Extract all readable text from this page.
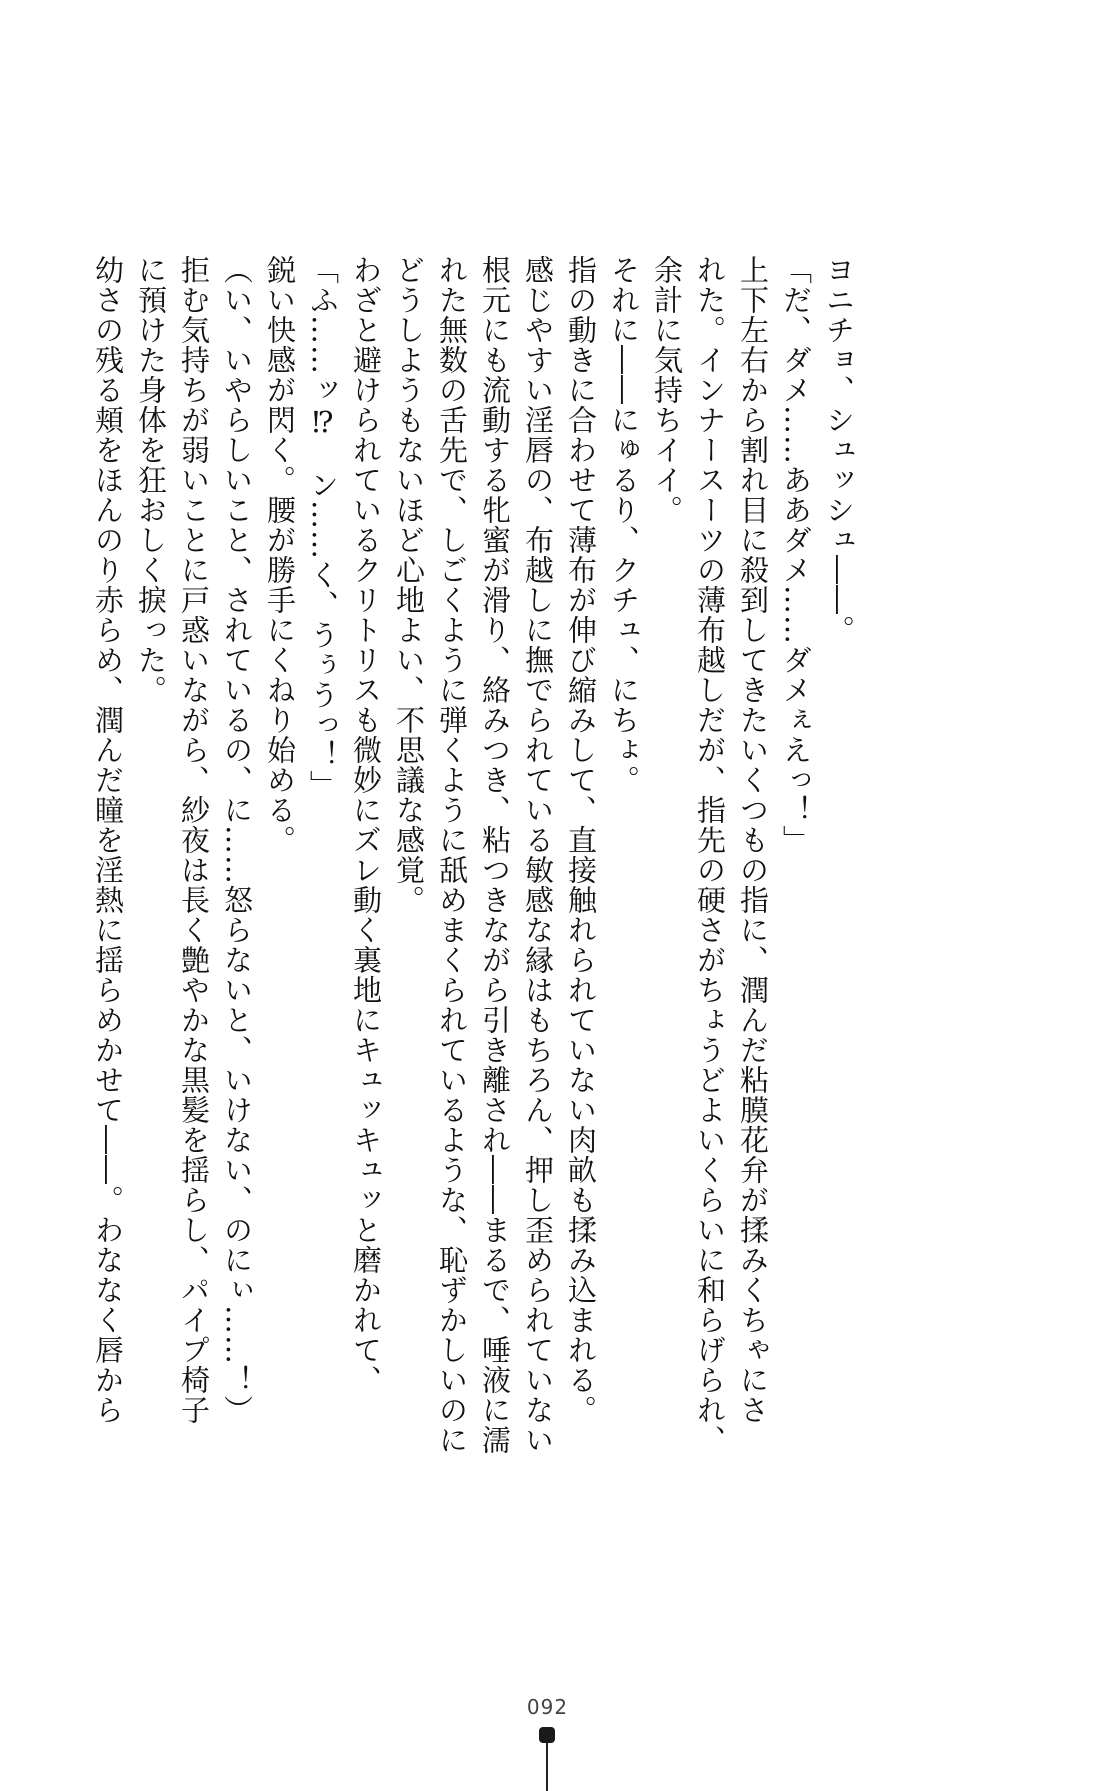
ヨニチョ、シュッシュ――。

「だ、ダメ……ああダメ……ダメぇえっ！」

上下左右から割れ目に殺到してきたいくつもの指に、潤んだ粘膜花弁が揉みくちゃにさ

れた。インナースーツの薄布越しだが、指先の硬さがちょうどよいくらいに和らげられ、

余計に気持ちイイ。

それに――にゅるり、クチュ、にちょ。

指の動きに合わせて薄布が伸び縮みして、直接触れられていない肉畝も揉み込まれる。

感じやすい淫唇の、布越しに撫でられている敏感な縁はもちろん、押し歪められていない

根元にも流動する牝蜜が滑り、絡みつき、粘つきながら引き離され――まるで、唾液に濡

れた無数の舌先で、しごくように弾くように舐めまくられているような、恥ずかしいのに

どうしようもないほど心地よい、不思議な感覚。

わざと避けられているクリトリスも微妙にズレ動く裏地にキュッキュッと磨かれて、

「ふ……ッ⁉　ン……く、うぅうっ！」

鋭い快感が閃く。腰が勝手にくねり始める。

（い、いやらしいこと、されているの、に……怒らないと、いけない、のにぃ……！）

拒む気持ちが弱いことに戸惑いながら、紗夜は長く艶やかな黒髪を揺らし、パイプ椅子

に預けた身体を狂おしく捩った。

幼さの残る頬をほんのり赤らめ、潤んだ瞳を淫熱に揺らめかせて――。わななく唇から

092
